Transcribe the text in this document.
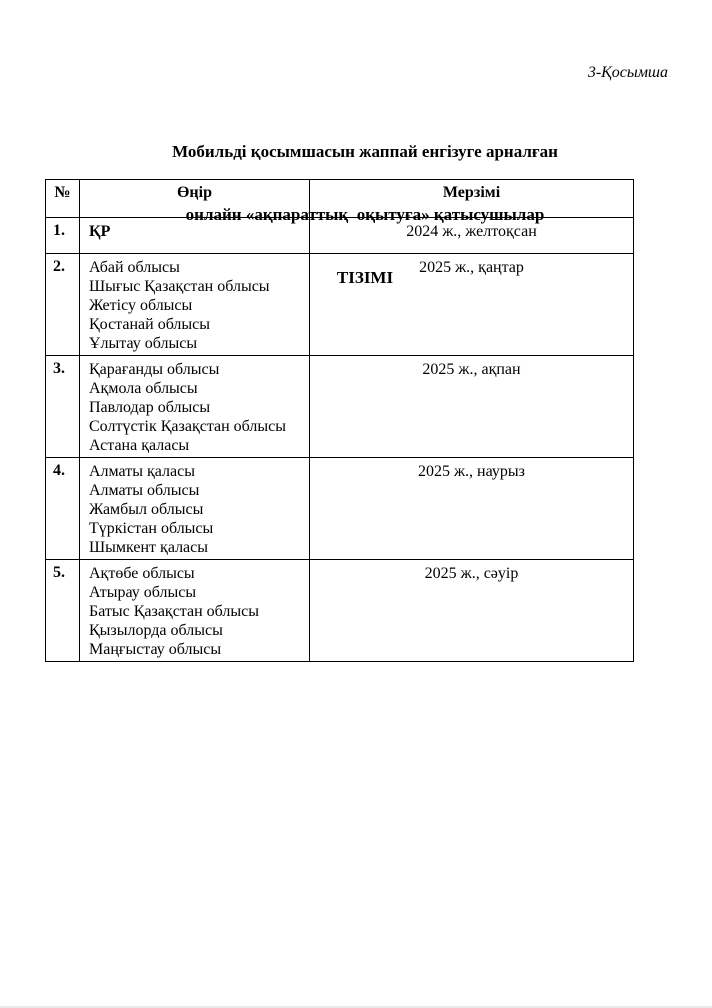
3-Қосымша

Мобильді қосымшасын жаппай енгізуге арналған

онлайн «ақпараттық  оқытуға» қатысушылар

ТІЗІМІ

№	Өңір	Мерзімі
1.	ҚР	2024 ж., желтоқсан
2.	Абай облысы
Шығыс Қазақстан облысы
Жетісу облысы
Қостанай облысы
Ұлытау облысы	2025 ж., қаңтар
3.	Қарағанды облысы
Ақмола облысы
Павлодар облысы
Солтүстік Қазақстан облысы
Астана қаласы	2025 ж., ақпан
4.	Алматы қаласы
Алматы облысы
Жамбыл облысы
Түркістан облысы
Шымкент қаласы	2025 ж., наурыз
5.	Ақтөбе облысы
Атырау облысы
Батыс Қазақстан облысы
Қызылорда облысы
Маңғыстау облысы	2025 ж., сәуір
